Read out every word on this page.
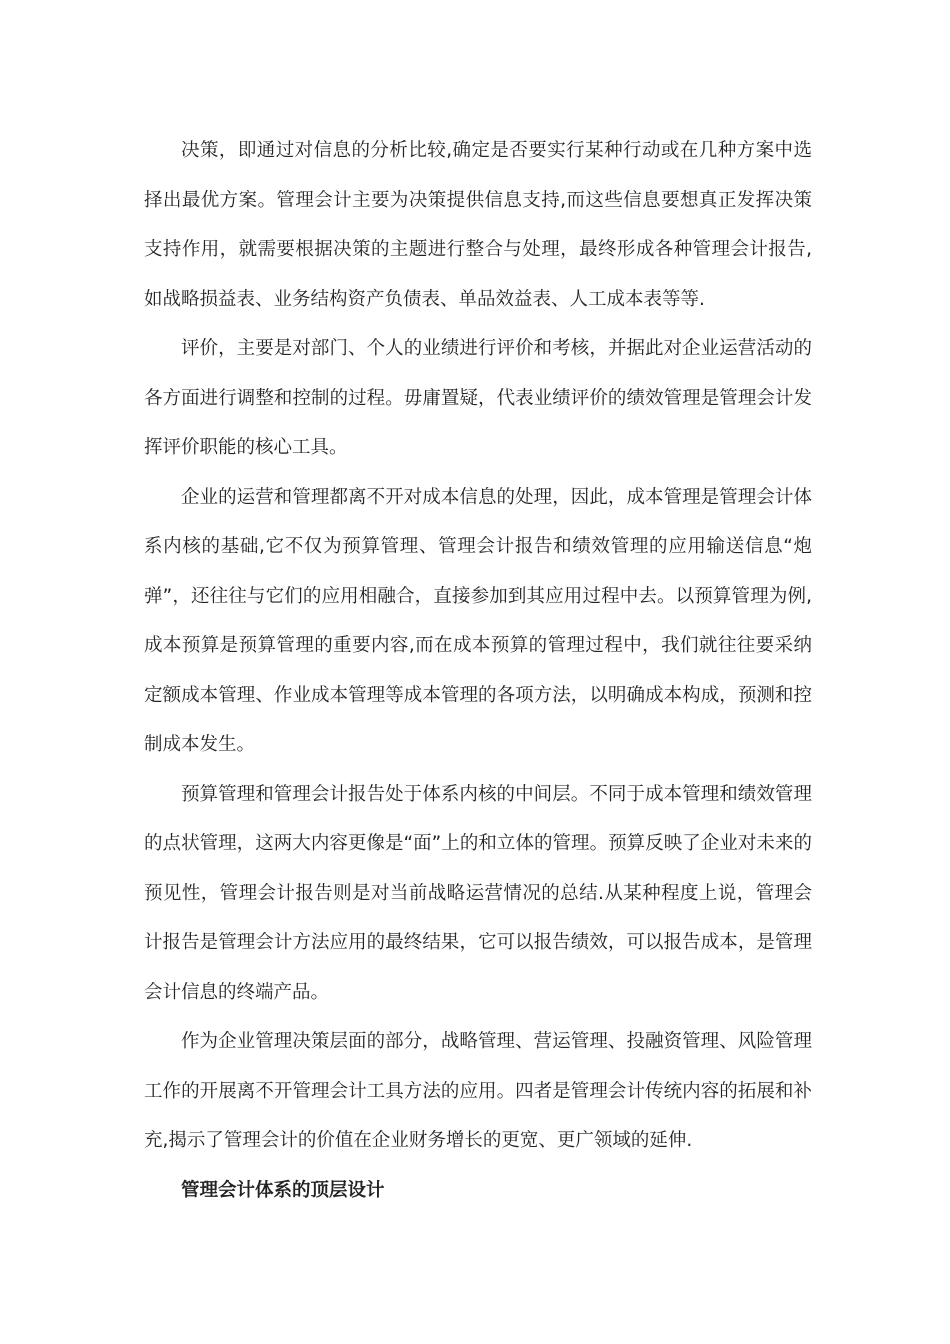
决策，即通过对信息的分析比较,确定是否要实行某种行动或在几种方案中选择出最优方案。管理会计主要为决策提供信息支持,而这些信息要想真正发挥决策支持作用，就需要根据决策的主题进行整合与处理，最终形成各种管理会计报告,如战略损益表、业务结构资产负债表、单品效益表、人工成本表等等.

评价，主要是对部门、个人的业绩进行评价和考核，并据此对企业运营活动的各方面进行调整和控制的过程。毋庸置疑，代表业绩评价的绩效管理是管理会计发挥评价职能的核心工具。

企业的运营和管理都离不开对成本信息的处理，因此，成本管理是管理会计体系内核的基础,它不仅为预算管理、管理会计报告和绩效管理的应用输送信息“炮弹”，还往往与它们的应用相融合，直接参加到其应用过程中去。以预算管理为例,成本预算是预算管理的重要内容,而在成本预算的管理过程中，我们就往往要采纳定额成本管理、作业成本管理等成本管理的各项方法，以明确成本构成，预测和控制成本发生。

预算管理和管理会计报告处于体系内核的中间层。不同于成本管理和绩效管理的点状管理，这两大内容更像是“面”上的和立体的管理。预算反映了企业对未来的预见性，管理会计报告则是对当前战略运营情况的总结.从某种程度上说，管理会计报告是管理会计方法应用的最终结果，它可以报告绩效，可以报告成本，是管理会计信息的终端产品。

作为企业管理决策层面的部分，战略管理、营运管理、投融资管理、风险管理工作的开展离不开管理会计工具方法的应用。四者是管理会计传统内容的拓展和补充,揭示了管理会计的价值在企业财务增长的更宽、更广领域的延伸.

管理会计体系的顶层设计
